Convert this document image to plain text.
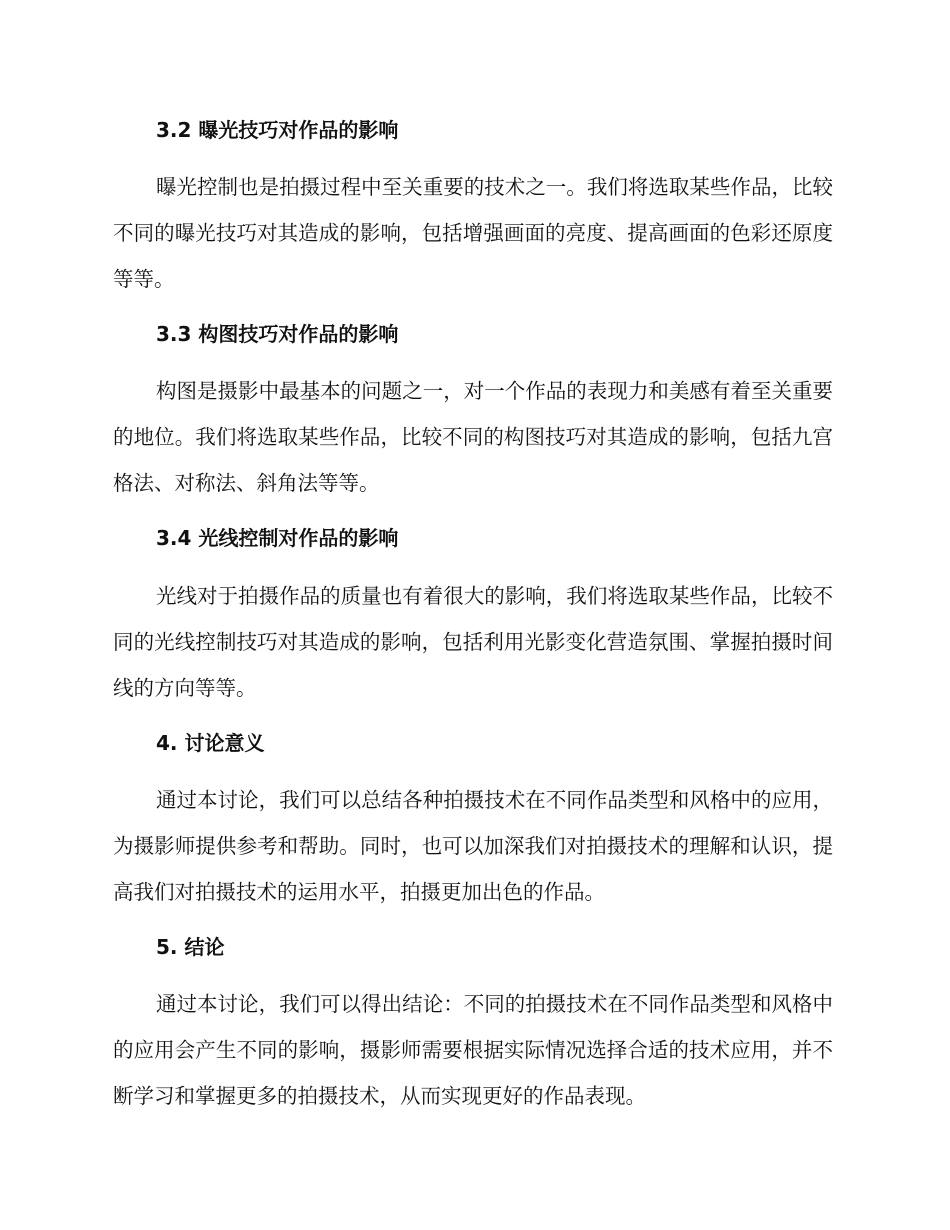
3.2 曝光技巧对作品的影响

曝光控制也是拍摄过程中至关重要的技术之一。我们将选取某些作品，比较不同的曝光技巧对其造成的影响，包括增强画面的亮度、提高画面的色彩还原度等等。

3.3 构图技巧对作品的影响

构图是摄影中最基本的问题之一，对一个作品的表现力和美感有着至关重要的地位。我们将选取某些作品，比较不同的构图技巧对其造成的影响，包括九宫格法、对称法、斜角法等等。

3.4 光线控制对作品的影响

光线对于拍摄作品的质量也有着很大的影响，我们将选取某些作品，比较不同的光线控制技巧对其造成的影响，包括利用光影变化营造氛围、掌握拍摄时间线的方向等等。

4. 讨论意义

通过本讨论，我们可以总结各种拍摄技术在不同作品类型和风格中的应用，为摄影师提供参考和帮助。同时，也可以加深我们对拍摄技术的理解和认识，提高我们对拍摄技术的运用水平，拍摄更加出色的作品。

5. 结论

通过本讨论，我们可以得出结论：不同的拍摄技术在不同作品类型和风格中的应用会产生不同的影响，摄影师需要根据实际情况选择合适的技术应用，并不断学习和掌握更多的拍摄技术，从而实现更好的作品表现。
